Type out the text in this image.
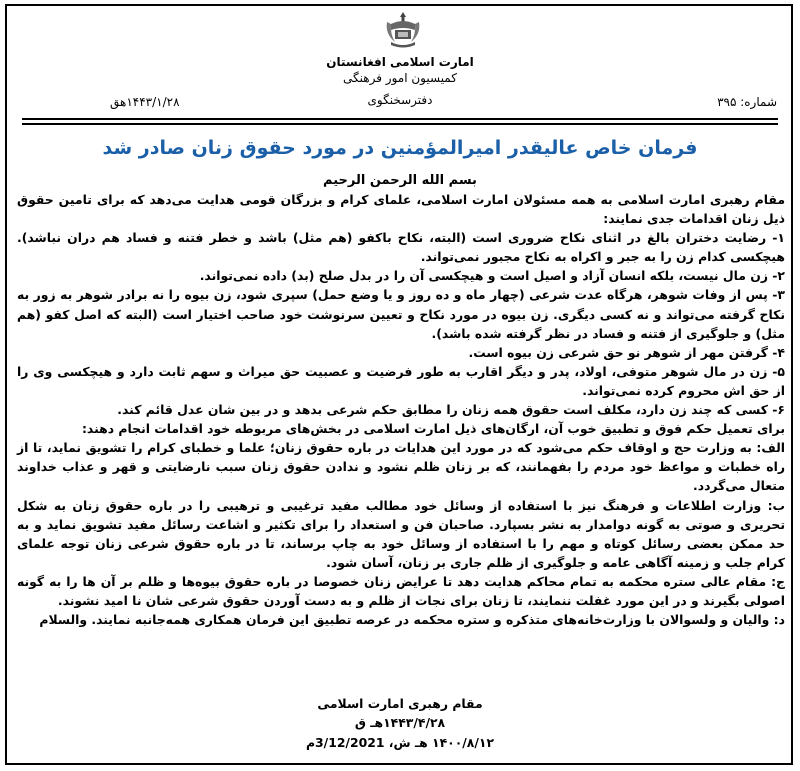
امارت اسلامی افغانستان
کمیسیون امور فرهنگی
دفترسخنگوی	شماره: ۳۹۵
۱۴۴۳/۱/۲۸هق
فرمان خاص عالیقدر امیرالمؤمنین در مورد حقوق زنان صادر شد
بسم الله الرحمن الرحیم

مقام رهبری امارت اسلامی به همه مسئولان امارت اسلامی، علمای کرام و بزرگان قومی هدایت می‌دهد که برای تامین حقوق ذیل زنان اقدامات جدی نمایند:

۱- رضایت دختران بالغ در اثنای نکاح ضروری است (البته، نکاح باکفو (هم مثل) باشد و خطر فتنه و فساد هم دران نباشد). هیچکسی کدام زن را به جبر و اکراه به نکاح مجبور نمی‌تواند.

۲- زن مال نیست، بلکه انسان آزاد و اصیل است و هیچکسی آن را در بدل صلح (بد) داده نمی‌تواند.

۳- پس از وفات شوهر، هرگاه عدت شرعی (چهار ماه و ده روز و یا وضع حمل) سپری شود، زن بیوه را نه برادر شوهر به زور به نکاح گرفته می‌تواند و نه کسی دیگری. زن بیوه در مورد نکاح و تعیین سرنوشت خود صاحب اختیار است (البته که اصل کفو (هم مثل) و جلوگیری از فتنه و فساد در نظر گرفته شده باشد).

۴- گرفتن مهر از شوهر نو حق شرعی زن بیوه است.

۵- زن در مال شوهر متوفی، اولاد، پدر و دیگر اقارب به طور فرضیت و عصبیت حق میراث و سهم ثابت دارد و هیچکسی وی را از حق اش محروم کرده نمی‌تواند.

۶- کسی که چند زن دارد، مکلف است حقوق همه زنان را مطابق حکم شرعی بدهد و در بین شان عدل قائم کند.

برای تعمیل حکم فوق و تطبیق خوب آن، ارگان‌های ذیل امارت اسلامی در بخش‌های مربوطه خود اقدامات انجام دهند:

الف: به وزارت حج و اوقاف حکم می‌شود که در مورد این هدایات در باره حقوق زنان؛ علما و خطبای کرام را تشویق نماید، تا از راه خطبات و مواعظ خود مردم را بفهمانند، که بر زنان ظلم نشود و ندادن حقوق زنان سبب نارضایتی و قهر و عذاب خداوند متعال می‌گردد.

ب: وزارت اطلاعات و فرهنگ نیز با استفاده از وسائل خود مطالب مفید ترغیبی و ترهیبی را در باره حقوق زنان به شکل تحریری و صوتی به گونه دوامدار به نشر بسپارد. صاحبان فن و استعداد را برای تکثیر و اشاعت رسائل مفید تشویق نماید و به حد ممکن بعضی رسائل کوتاه و مهم را با استفاده از وسائل خود به چاپ برساند، تا در باره حقوق شرعی زنان توجه علمای کرام جلب و زمینه آگاهی عامه و جلوگیری از ظلم جاری بر زنان، آسان شود.

ج: مقام عالی ستره محکمه به تمام محاکم هدایت دهد تا عرایض زنان خصوصا در باره حقوق بیوه‌ها و ظلم بر آن ها را به گونه اصولی بگیرند و در این مورد غفلت ننمایند، تا زنان برای نجات از ظلم و به دست آوردن حقوق شرعی شان نا امید نشوند.

د: والیان و ولسوالان با وزارت‌خانه‌های متذکره و ستره محکمه در عرصه تطبیق این فرمان همکاری همه‌جانبه نمایند. والسلام

مقام رهبری امارت اسلامی
۱۴۴۳/۴/۲۸هـ ق
۱۴۰۰/۸/۱۲ هـ ش، 3/12/2021م
